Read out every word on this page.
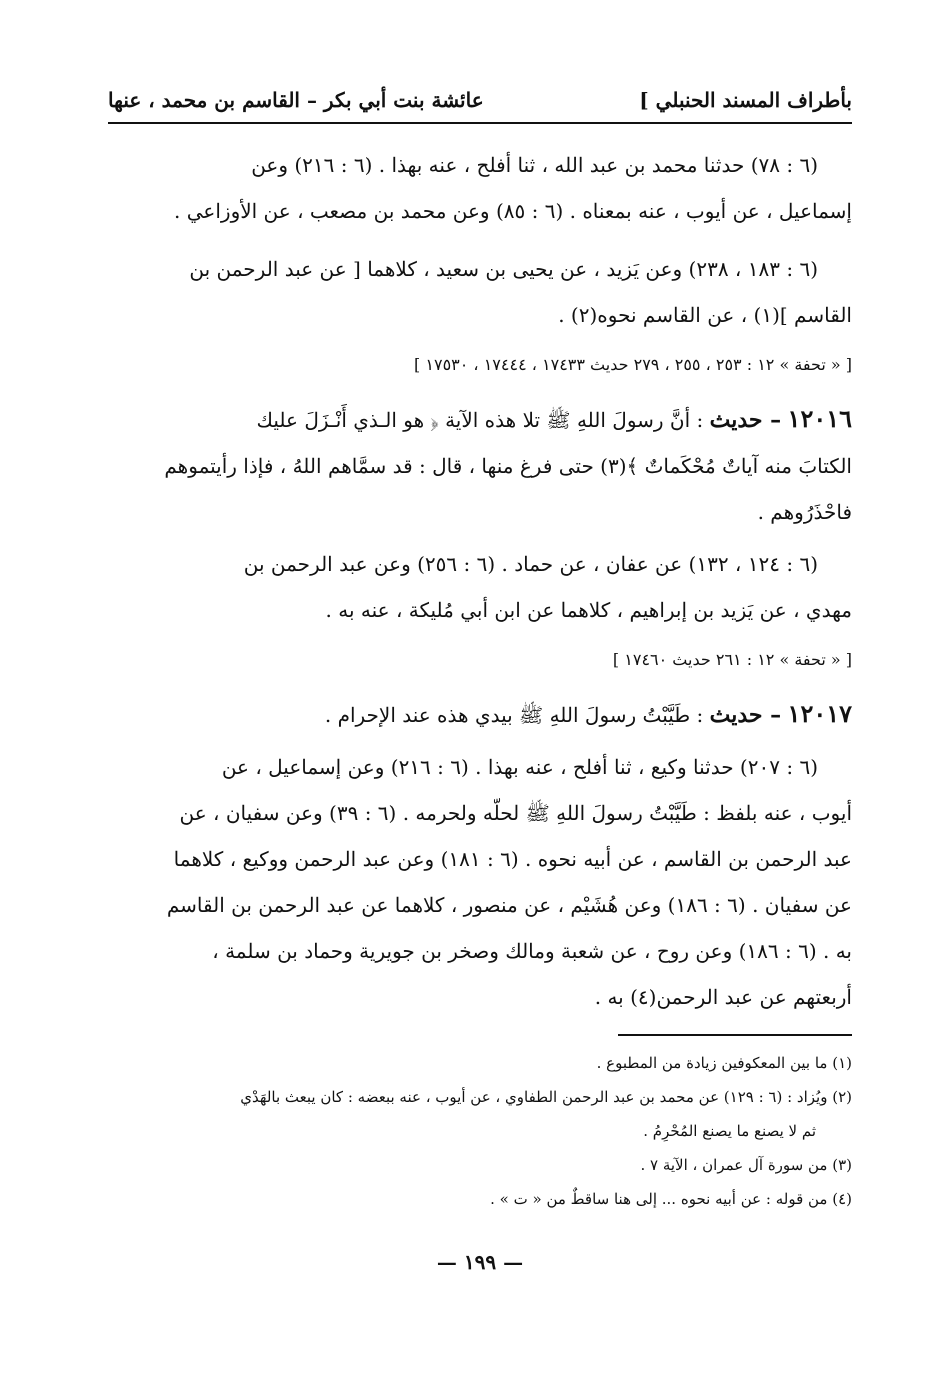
بأطراف المسند الحنبلي ]
عائشة بنت أبي بكر – القاسم بن محمد ، عنها

(٦ : ٧٨) حدثنا محمد بن عبد الله ، ثنا أفلح ، عنه بهذا . (٦ : ٢١٦) وعن

إسماعيل ، عن أيوب ، عنه بمعناه . (٦ : ٨٥) وعن محمد بن مصعب ، عن الأوزاعي .

(٦ : ١٨٣ ، ٢٣٨) وعن يَزيد ، عن يحيى بن سعيد ، كلاهما [ عن عبد الرحمن بن

القاسم ](١) ، عن القاسم نحوه(٢) .

[ « تحفة » ١٢ : ٢٥٣ ، ٢٥٥ ، ٢٧٩ حديث ١٧٤٣٣ ، ١٧٤٤٤ ، ١٧٥٣٠ ]

١٢٠١٦ – حديث : أنَّ رسولَ اللهِ ﷺ تلا هذه الآية ﴿ هو الـذي أَنْـزَلَ عليك

الكتابَ منه آياتٌ مُحْكَماتٌ ﴾(٣) حتى فرغ منها ، قال : قد سمَّاهم اللهُ ، فإذا رأيتموهم

فاحْذَرُوهم .

(٦ : ١٢٤ ، ١٣٢) عن عفان ، عن حماد . (٦ : ٢٥٦) وعن عبد الرحمن بن

مهدي ، عن يَزيد بن إبراهيم ، كلاهما عن ابن أبي مُليكة ، عنه به .

[ « تحفة » ١٢ : ٢٦١ حديث ١٧٤٦٠ ]

١٢٠١٧ – حديث : طَيَّبْتُ رسولَ اللهِ ﷺ بيدي هذه عند الإحرام .

(٦ : ٢٠٧) حدثنا وكيع ، ثنا أفلح ، عنه بهذا . (٦ : ٢١٦) وعن إسماعيل ، عن

أيوب ، عنه بلفظ : طَيَّبْتُ رسولَ اللهِ ﷺ لحلّه ولحرمه . (٦ : ٣٩) وعن سفيان ، عن

عبد الرحمن بن القاسم ، عن أبيه نحوه . (٦ : ١٨١) وعن عبد الرحمن ووكيع ، كلاهما

عن سفيان . (٦ : ١٨٦) وعن هُشَيْم ، عن منصور ، كلاهما عن عبد الرحمن بن القاسم

به . (٦ : ١٨٦) وعن روح ، عن شعبة ومالك وصخر بن جويرية وحماد بن سلمة ،

أربعتهم عن عبد الرحمن(٤) به .

(١) ما بين المعكوفين زيادة من المطبوع .

(٢) ويُزاد : (٦ : ١٢٩) عن محمد بن عبد الرحمن الطفاوي ، عن أيوب ، عنه ببعضه : كان يبعث بالهَدْي

ثم لا يصنع ما يصنع المُحْرِمُ .

(٣) من سورة آل عمران ، الآية ٧ .

(٤) من قوله : عن أبيه نحوه ... إلى هنا ساقطٌ من « ت » .

— ١٩٩ —
